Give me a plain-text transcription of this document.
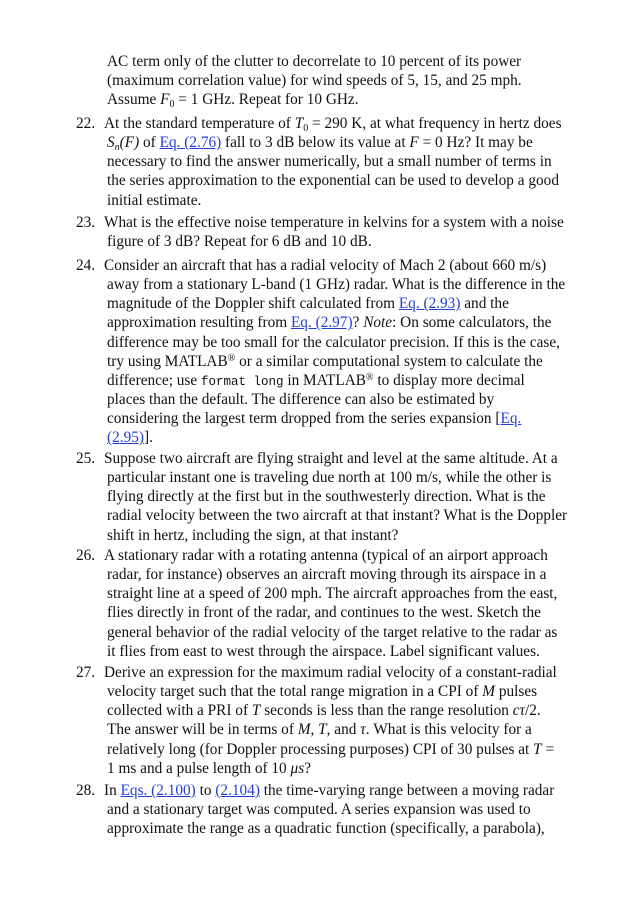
AC term only of the clutter to decorrelate to 10 percent of its power
(maximum correlation value) for wind speeds of 5, 15, and 25 mph.
Assume $F_0 = 1$ GHz. Repeat for 10 GHz.
22. At the standard temperature of $T_0 = 290$ K, at what frequency in hertz does
$S_n(F)$ of Eq. (2.76) fall to 3 dB below its value at F = 0 Hz? It may be
necessary to find the answer numerically, but a small number of terms in
the series approximation to the exponential can be used to develop a good
initial estimate.
23. What is the effective noise temperature in kelvins for a system with a noise
figure of 3 dB? Repeat for 6 dB and 10 dB.
24. Consider an aircraft that has a radial velocity of Mach 2 (about 660 m/s)
away from a stationary L-band (1 GHz) radar. What is the difference in the
magnitude of the Doppler shift calculated from Eq. (2.93) and the
approximation resulting from Eq. (2.97)? Note: On some calculators, the
difference may be too small for the calculator precision. If this is the case,
try using MATLAB® or a similar computational system to calculate the
difference; use format long in MATLAB® to display more decimal
places than the default. The difference can also be estimated by
considering the largest term dropped from the series expansion [Eq.
(2.95)].
25. Suppose two aircraft are flying straight and level at the same altitude. At a
particular instant one is traveling due north at 100 m/s, while the other is
flying directly at the first but in the southwesterly direction. What is the
radial velocity between the two aircraft at that instant? What is the Doppler
shift in hertz, including the sign, at that instant?
26. A stationary radar with a rotating antenna (typical of an airport approach
radar, for instance) observes an aircraft moving through its airspace in a
straight line at a speed of 200 mph. The aircraft approaches from the east,
flies directly in front of the radar, and continues to the west. Sketch the
general behavior of the radial velocity of the target relative to the radar as
it flies from east to west through the airspace. Label significant values.
27. Derive an expression for the maximum radial velocity of a constant-radial
velocity target such that the total range migration in a CPI of M pulses
collected with a PRI of T seconds is less than the range resolution cτ/2.
The answer will be in terms of M, T, and τ. What is this velocity for a
relatively long (for Doppler processing purposes) CPI of 30 pulses at T =
1 ms and a pulse length of 10 μs?
28. In Eqs. (2.100) to (2.104) the time-varying range between a moving radar
and a stationary target was computed. A series expansion was used to
approximate the range as a quadratic function (specifically, a parabola),
